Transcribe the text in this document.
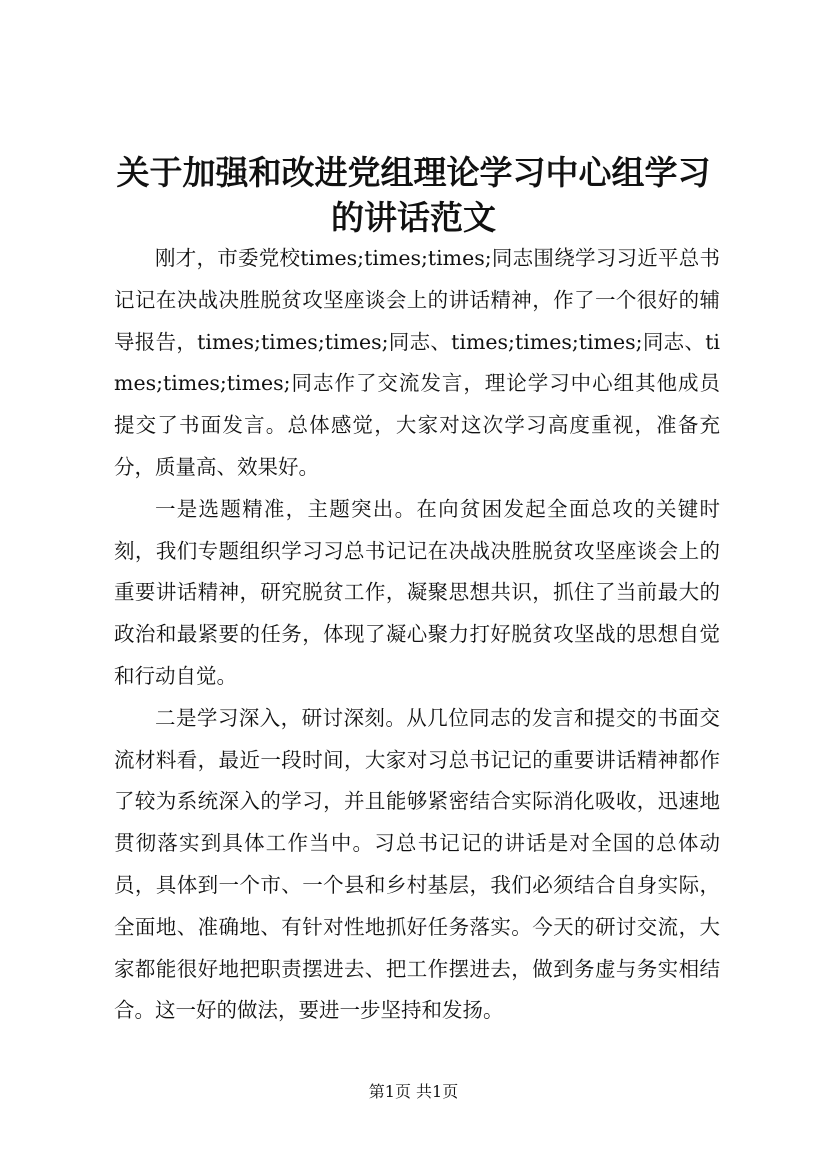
关于加强和改进党组理论学习中心组学习的讲话范文

刚才，市委党校times;times;times;同志围绕学习习近平总书记记在决战决胜脱贫攻坚座谈会上的讲话精神，作了一个很好的辅导报告，times;times;times;同志、times;times;times;同志、times;times;times;同志作了交流发言，理论学习中心组其他成员提交了书面发言。总体感觉，大家对这次学习高度重视，准备充分，质量高、效果好。

一是选题精准，主题突出。在向贫困发起全面总攻的关键时刻，我们专题组织学习习总书记记在决战决胜脱贫攻坚座谈会上的重要讲话精神，研究脱贫工作，凝聚思想共识，抓住了当前最大的政治和最紧要的任务，体现了凝心聚力打好脱贫攻坚战的思想自觉和行动自觉。

二是学习深入，研讨深刻。从几位同志的发言和提交的书面交流材料看，最近一段时间，大家对习总书记记的重要讲话精神都作了较为系统深入的学习，并且能够紧密结合实际消化吸收，迅速地贯彻落实到具体工作当中。习总书记记的讲话是对全国的总体动员，具体到一个市、一个县和乡村基层，我们必须结合自身实际，全面地、准确地、有针对性地抓好任务落实。今天的研讨交流，大家都能很好地把职责摆进去、把工作摆进去，做到务虚与务实相结合。这一好的做法，要进一步坚持和发扬。

第1页 共1页
